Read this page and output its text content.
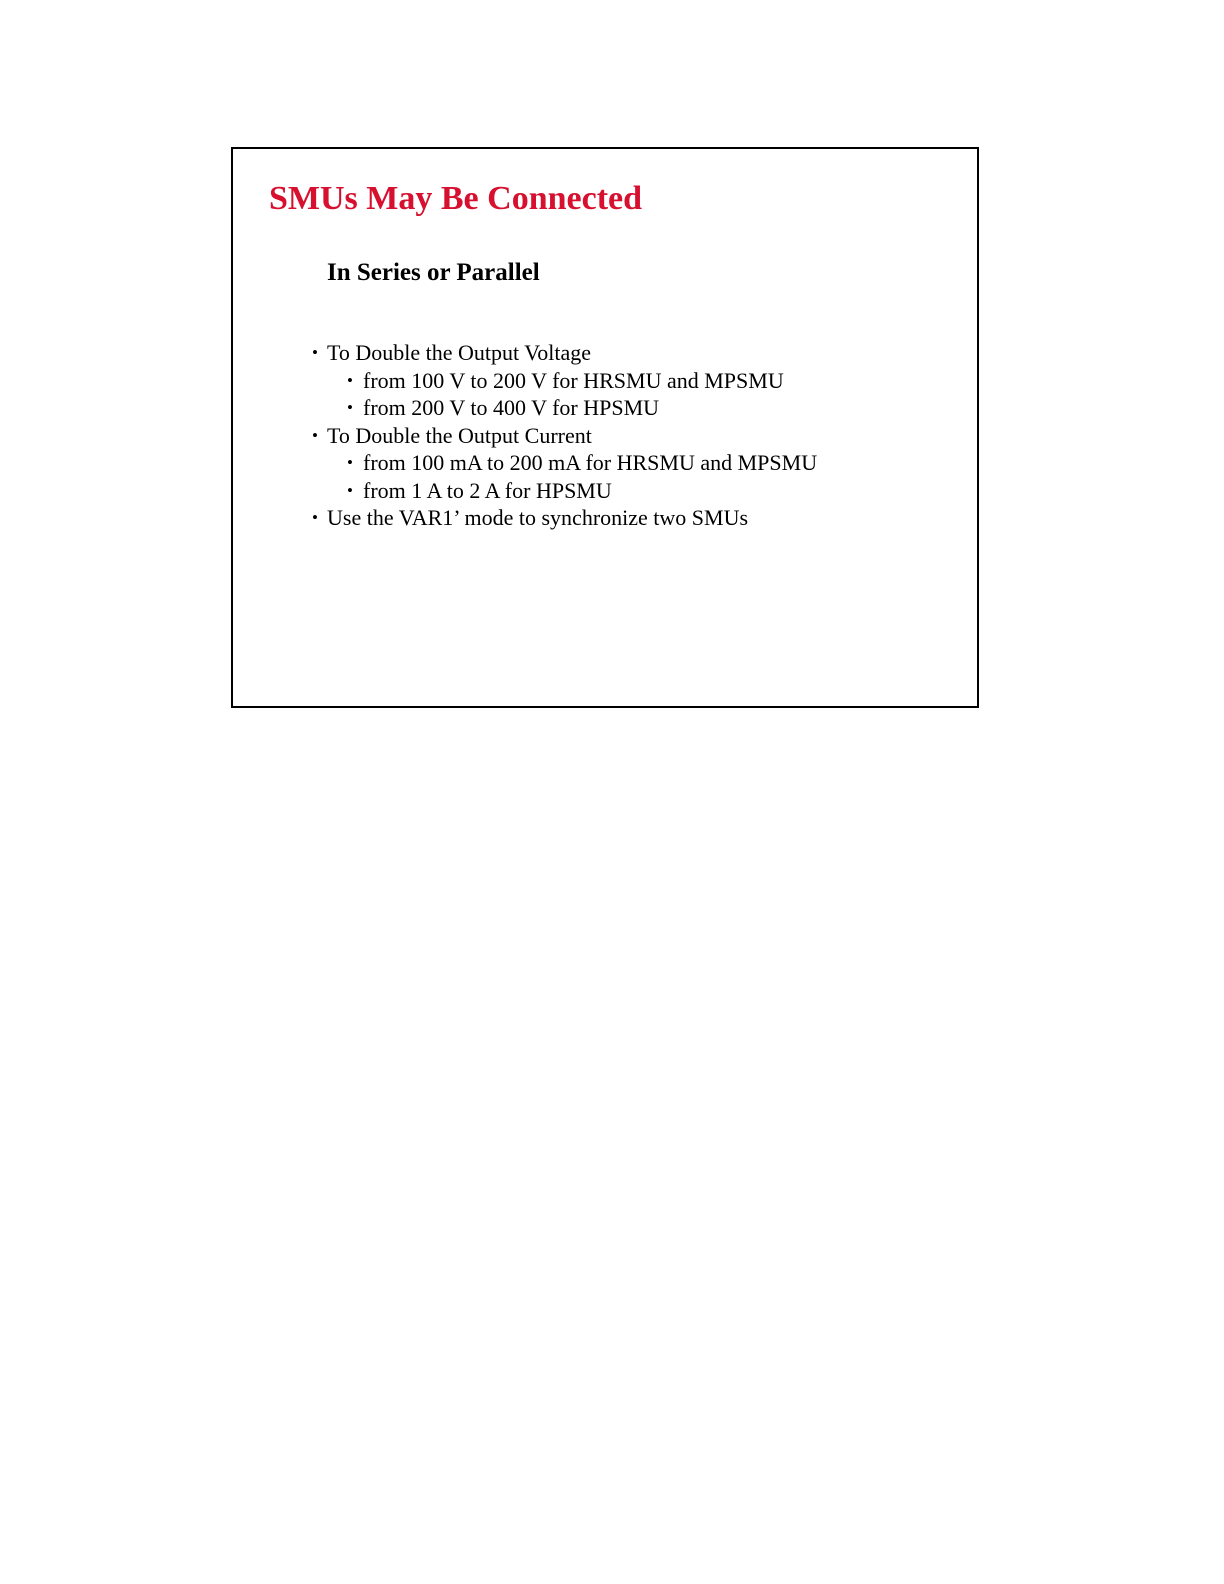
SMUs May Be Connected
In Series or Parallel
• To Double the Output Voltage
• from 100 V to 200 V for HRSMU and MPSMU
• from 200 V to 400 V for HPSMU
• To Double the Output Current
• from 100 mA to 200 mA for HRSMU and MPSMU
• from 1 A to 2 A for HPSMU
• Use the VAR1’ mode to synchronize two SMUs
